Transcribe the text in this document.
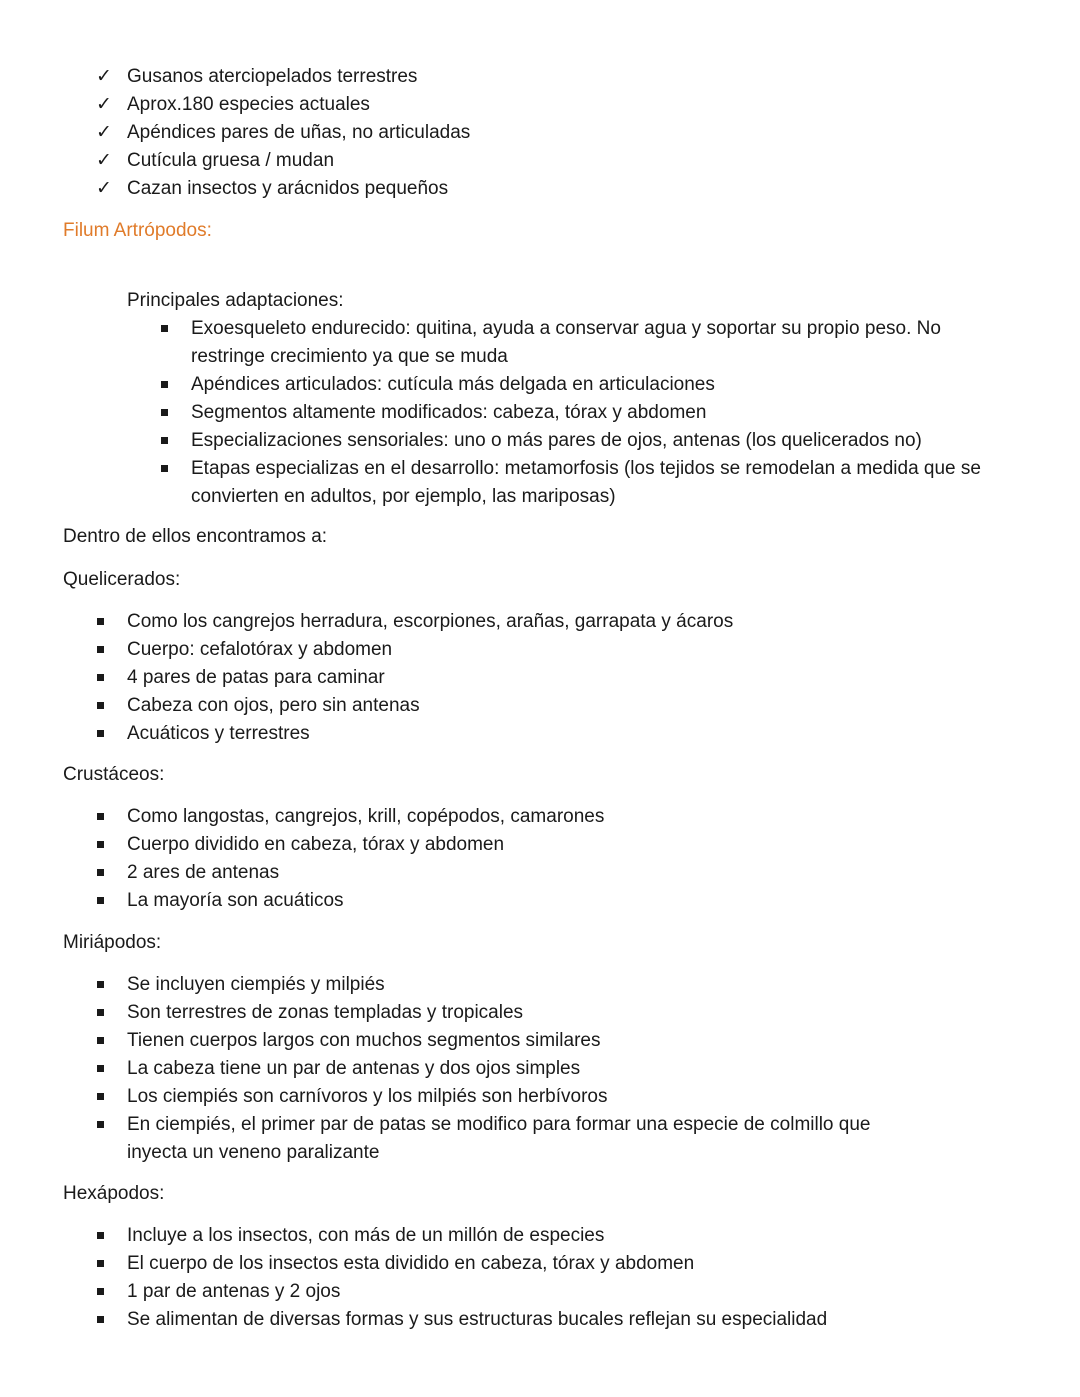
✓ Gusanos aterciopelados terrestres
✓ Aprox.180 especies actuales
✓ Apéndices pares de uñas, no articuladas
✓ Cutícula gruesa / mudan
✓ Cazan insectos y arácnidos pequeños
Filum Artrópodos:
Principales adaptaciones:
Exoesqueleto endurecido: quitina, ayuda a conservar agua y soportar su propio peso. No restringe crecimiento ya que se muda
Apéndices articulados: cutícula más delgada en articulaciones
Segmentos altamente modificados: cabeza, tórax y abdomen
Especializaciones sensoriales: uno o más pares de ojos, antenas (los quelicerados no)
Etapas especializas en el desarrollo: metamorfosis (los tejidos se remodelan a medida que se convierten en adultos, por ejemplo, las mariposas)
Dentro de ellos encontramos a:
Quelicerados:
Como los cangrejos herradura, escorpiones, arañas, garrapata y ácaros
Cuerpo: cefalotórax y abdomen
4 pares de patas para caminar
Cabeza con ojos, pero sin antenas
Acuáticos y terrestres
Crustáceos:
Como langostas, cangrejos, krill, copépodos, camarones
Cuerpo dividido en cabeza, tórax y abdomen
2 ares de antenas
La mayoría son acuáticos
Miriápodos:
Se incluyen ciempiés y milpiés
Son terrestres de zonas templadas y tropicales
Tienen cuerpos largos con muchos segmentos similares
La cabeza tiene un par de antenas y dos ojos simples
Los ciempiés son carnívoros y los milpiés son herbívoros
En ciempiés, el primer par de patas se modifico para formar una especie de colmillo que inyecta un veneno paralizante
Hexápodos:
Incluye a los insectos, con más de un millón de especies
El cuerpo de los insectos esta dividido en cabeza, tórax y abdomen
1 par de antenas y 2 ojos
Se alimentan de diversas formas y sus estructuras bucales reflejan su especialidad
